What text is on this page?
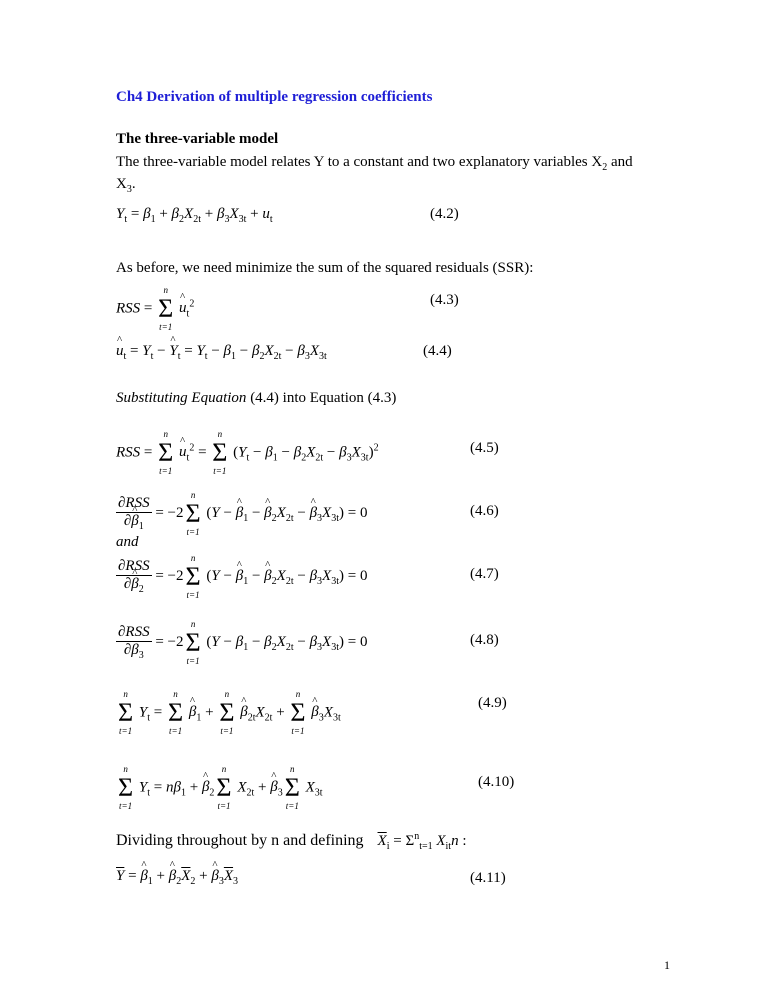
Ch4 Derivation of multiple regression coefficients
The three-variable model
The three-variable model relates Y to a constant and two explanatory variables $X_2$ and
$X_3$.
$Y_t = \beta_1 + \beta_2X_{2t} + \beta_3X_{3t} + u_t$	(4.2)
As before, we need minimize the sum of the squared residuals (SSR):
RSS =
n
Σ
t=1
^ $u_t^2$	(4.3)
^ $u_t = Y_t$ − ^ $Y_t = Y_t - \beta_1 - \beta_2X_{2t} - \beta_3X_{3t}$	(4.4)
Substituting Equation (4.4) into Equation (4.3)
RSS =
n
Σ
t=1
^ $u_t^2$ =
n
Σ
t=1
$(Y_t - \beta_1 - \beta_2X_{2t} - \beta_3X_{3t})^2$	(4.5)
$\frac{\text{∂RSS}}{\partial\^{} \beta_1} = -2$
n
Σ
t=1
(Y − ^ $\beta_1$ − ^ $\beta_2X_{2t}$ − ^ $\beta_3X_{3t}) = 0$	(4.6)
and
$\frac{\text{∂RSS}}{\partial\^{} \beta_2} = -2$
n
Σ
t=1
(Y − ^ $\beta_1$ − ^ $\beta_2X_{2t} - \beta_3X_{3t}) = 0$	(4.7)
$\frac{\text{∂RSS}}{\partial\beta_3} = -2$
n
Σ
t=1
$(Y - \beta_1 - \beta_2X_{2t} - \beta_3X_{3t}) = 0$	(4.8)
n
Σ
t=1
$Y_t$ =
n
Σ
t=1
^ $\beta_1$ +
n
Σ
t=1
^ $\beta_{2t}X_{2t}$ +
n
Σ
t=1
^ $\beta_3X_{3t}$
(4.9)
n
Σ
t=1
$Y_t = n\beta_1$ + ^ $\beta_2$
n
Σ
t=1
$X_{2t}$ + ^ $\beta_3$
n
Σ
t=1
$X_{3t}$
(4.10)
Dividing throughout by n and defining $\overline{X}_i = \Sigma^n_{t=1}$ $X_{it}n$ :
$\overline{Y}$ = ^ $\beta_1$ + ^ $\beta_2\overline{X}_2$ + ^ $\beta_3\overline{X}_3$	(4.11)
1
